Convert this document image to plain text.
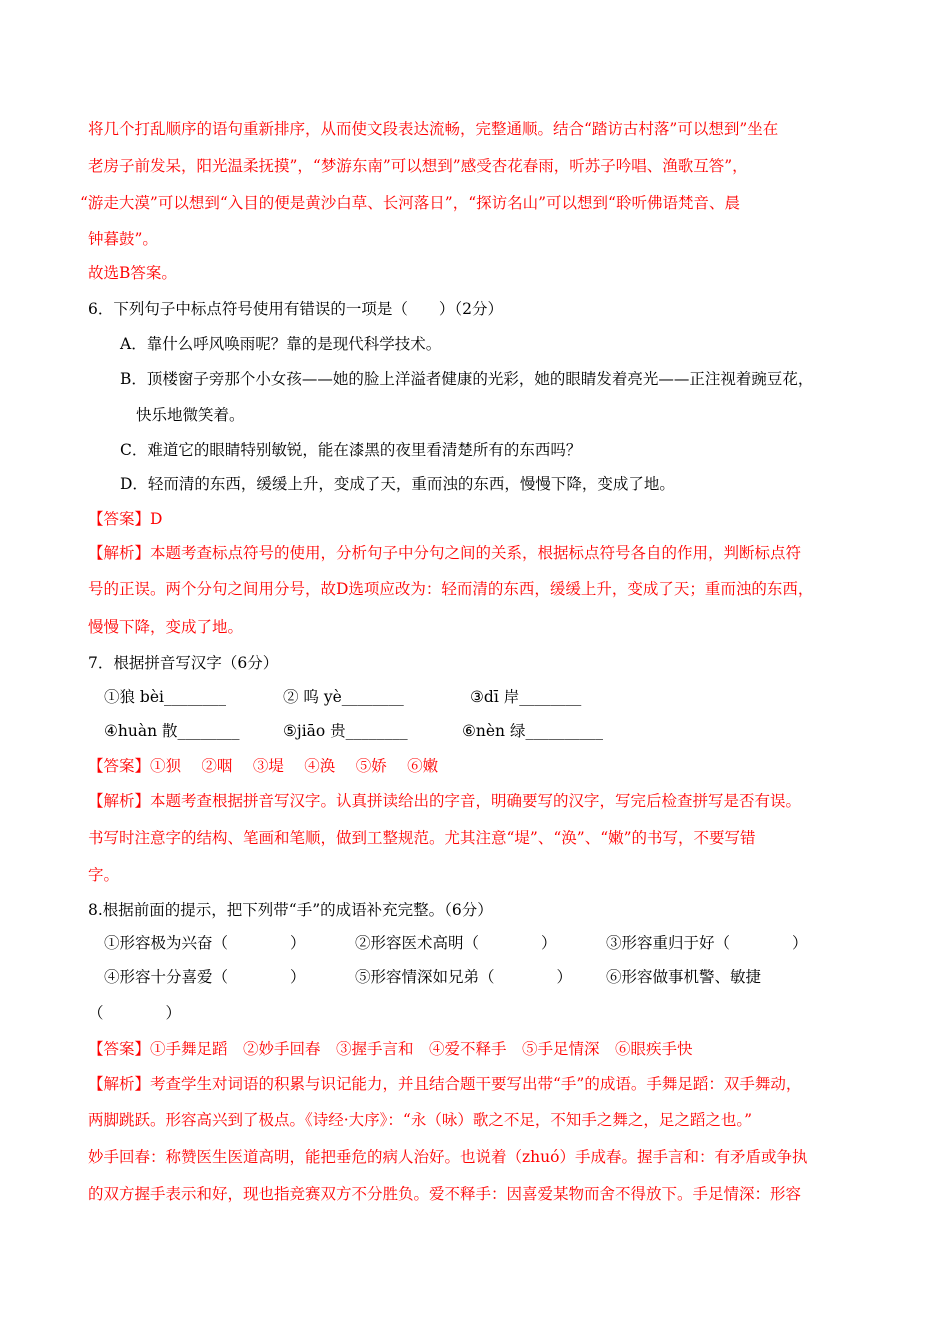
将几个打乱顺序的语句重新排序，从而使文段表达流畅，完整通顺。结合“踏访古村落”可以想到”坐在
老房子前发呆，阳光温柔抚摸”，“梦游东南”可以想到”感受杏花春雨，听苏子吟唱、渔歌互答”，
“游走大漠”可以想到“入目的便是黄沙白草、长河落日”，“探访名山”可以想到“聆听佛语梵音、晨
钟暮鼓”。
故选B答案。
6．下列句子中标点符号使用有错误的一项是（　　）（2分）
A．靠什么呼风唤雨呢？靠的是现代科学技术。
B．顶楼窗子旁那个小女孩——她的脸上洋溢者健康的光彩，她的眼睛发着亮光——正注视着豌豆花，
快乐地微笑着。
C．难道它的眼睛特别敏锐，能在漆黑的夜里看清楚所有的东西吗？
D．轻而清的东西，缓缓上升，变成了天，重而浊的东西，慢慢下降，变成了地。
【答案】D
【解析】本题考查标点符号的使用，分析句子中分句之间的关系，根据标点符号各自的作用，判断标点符
号的正误。两个分句之间用分号，故D选项应改为：轻而清的东西，缓缓上升，变成了天；重而浊的东西，
慢慢下降，变成了地。
7．根据拼音写汉字（6分）
①狼 bèi________	② 呜 yè________	③dī 岸________
④huàn 散________	⑤jiāo 贵________	⑥nèn 绿__________
【答案】①狈　 ②咽　 ③堤　 ④涣　 ⑤娇　 ⑥嫩
【解析】本题考查根据拼音写汉字。认真拼读给出的字音，明确要写的汉字，写完后检查拼写是否有误。
书写时注意字的结构、笔画和笔顺，做到工整规范。尤其注意“堤”、“涣”、“嫩”的书写，不要写错
字。
8.根据前面的提示，把下列带“手”的成语补充完整。（6分）
①形容极为兴奋（　　　　）	②形容医术高明（　　　　）	③形容重归于好（　　　　）
④形容十分喜爱（　　　　）	⑤形容情深如兄弟（　　　　） ⑥形容做事机警、敏捷
（　　　　）
【答案】①手舞足蹈　②妙手回春　③握手言和　④爱不释手　⑤手足情深　⑥眼疾手快
【解析】考查学生对词语的积累与识记能力，并且结合题干要写出带“手”的成语。手舞足蹈：双手舞动，
两脚跳跃。形容高兴到了极点。《诗经·大序》：“永（咏）歌之不足，不知手之舞之，足之蹈之也。”
妙手回春：称赞医生医道高明，能把垂危的病人治好。也说着（zhuó）手成春。握手言和：有矛盾或争执
的双方握手表示和好，现也指竞赛双方不分胜负。爱不释手：因喜爱某物而舍不得放下。手足情深：形容
